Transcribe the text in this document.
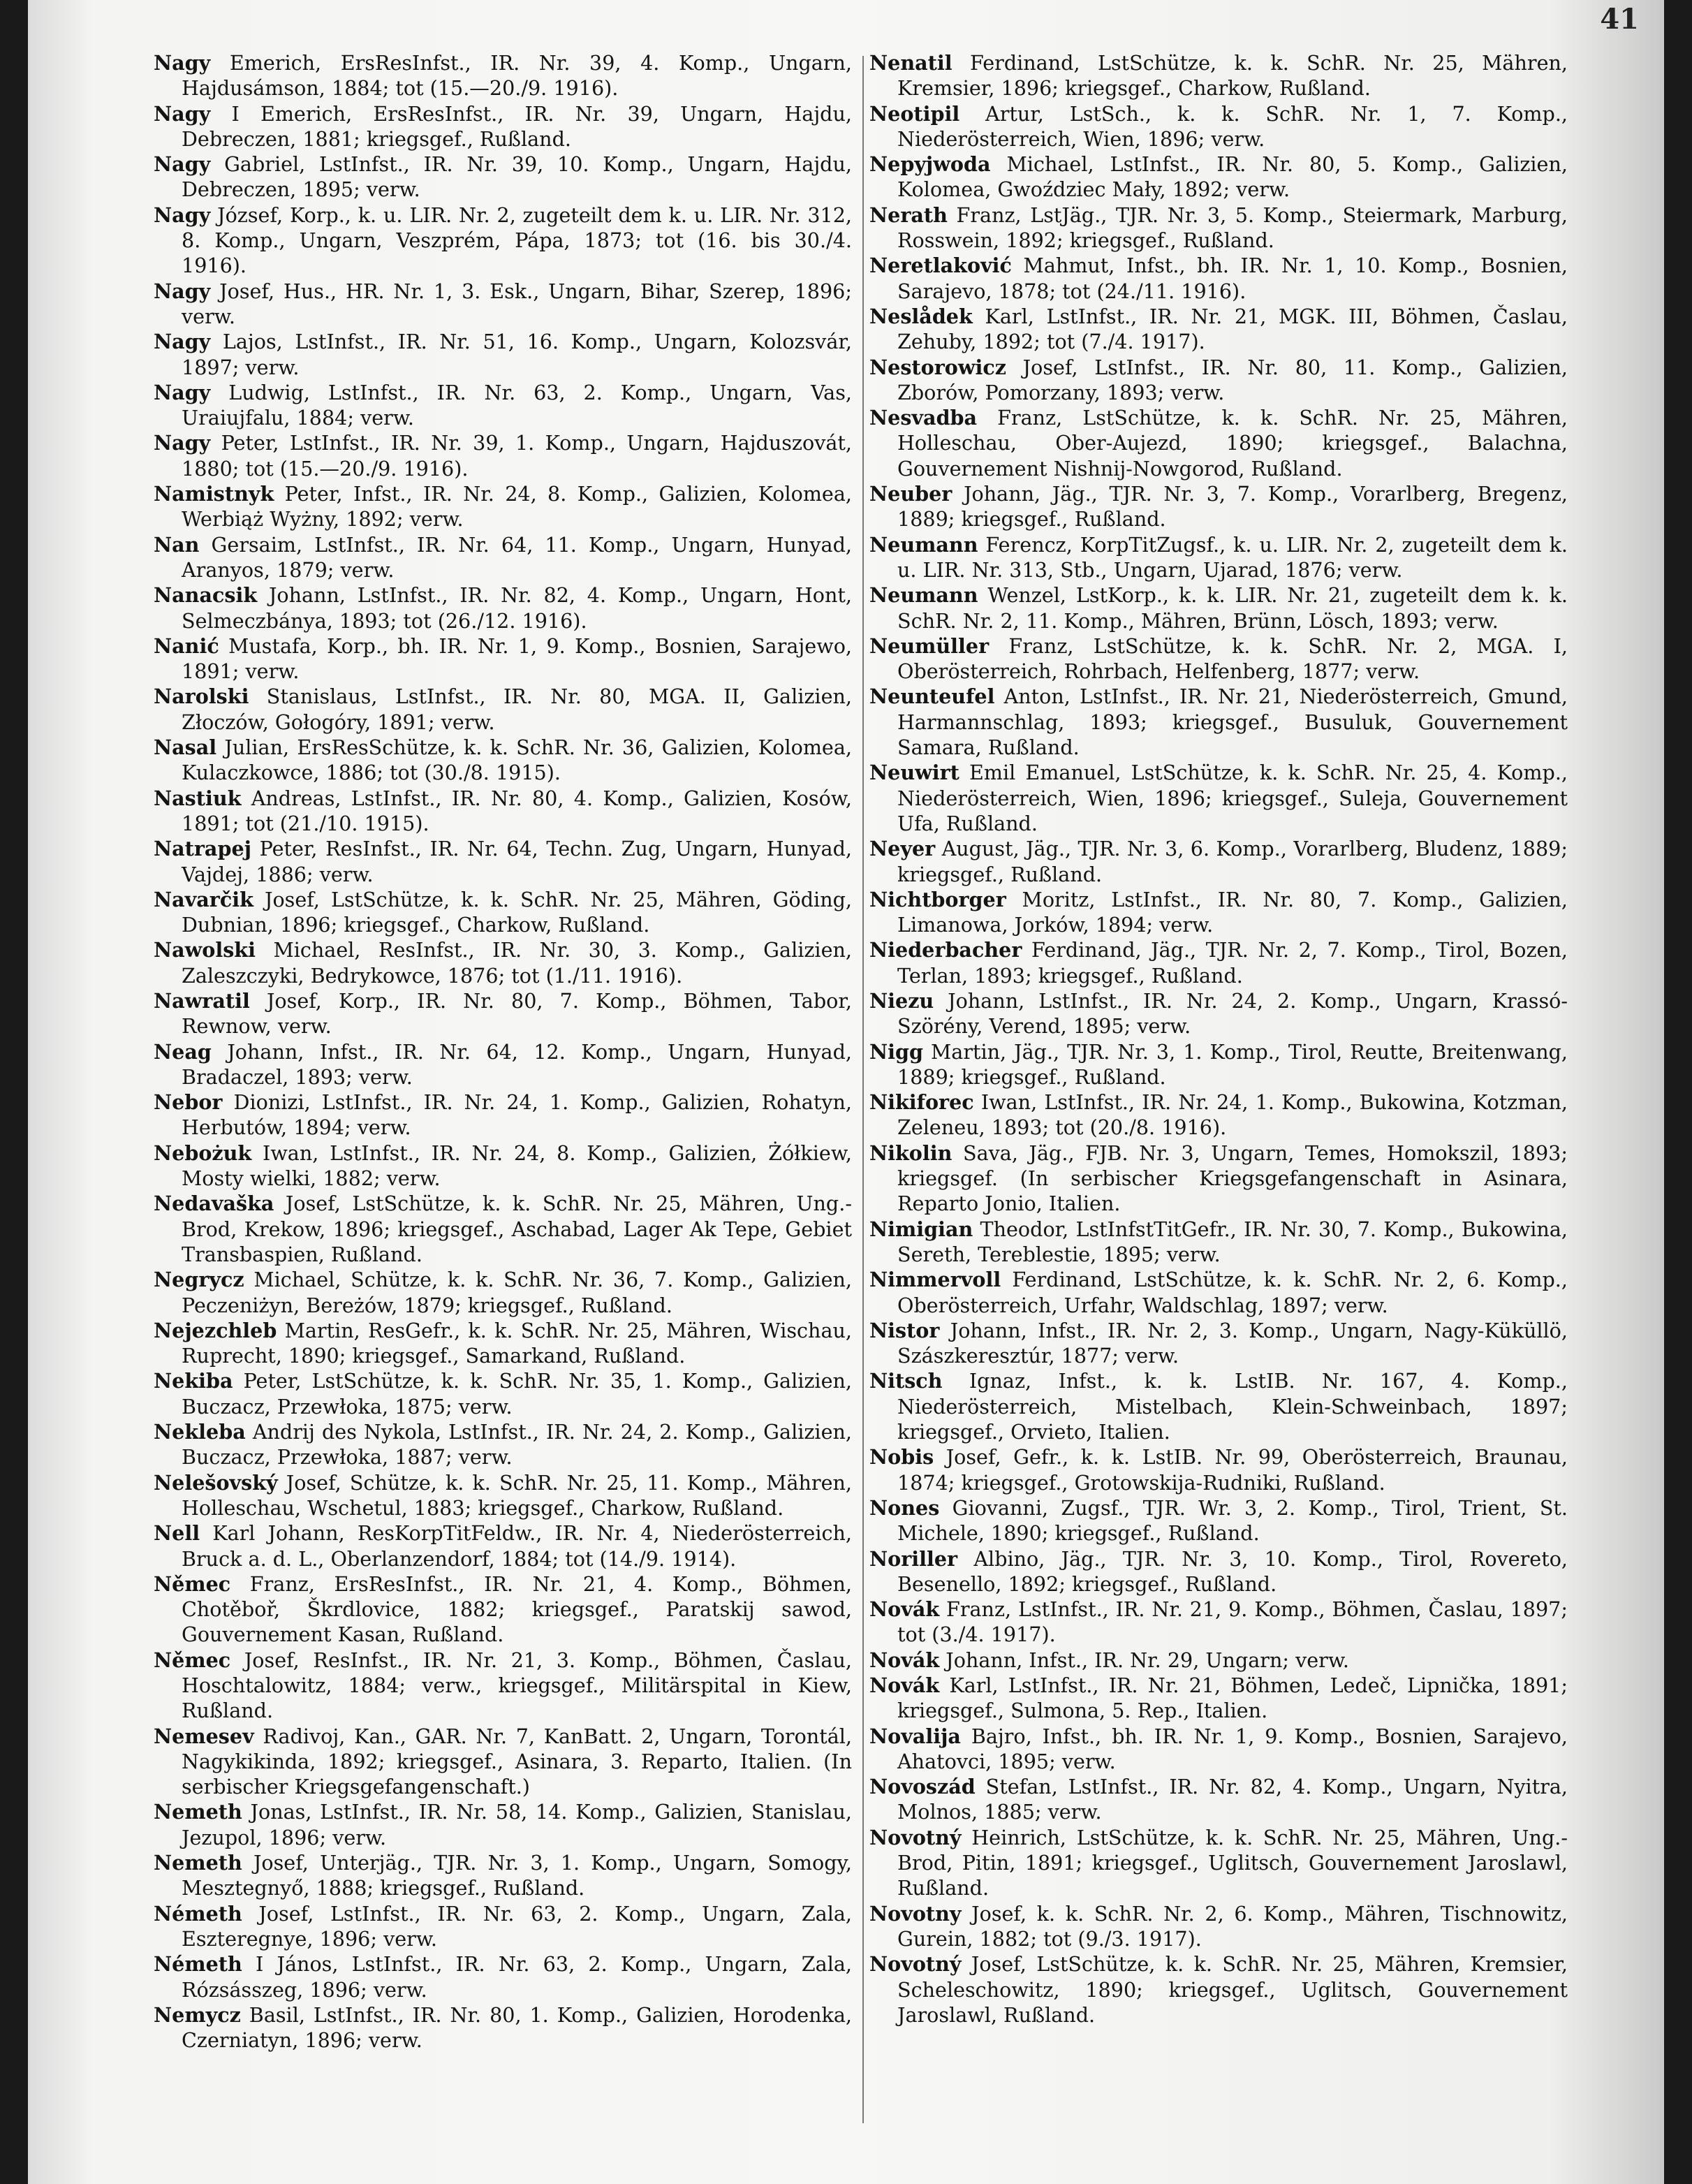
41

Nagy Emerich, ErsResInfst., IR. Nr. 39, 4. Komp., Ungarn, Hajdusámson, 1884; tot (15.—20./9. 1916).

Nagy I Emerich, ErsResInfst., IR. Nr. 39, Ungarn, Hajdu, Debreczen, 1881; kriegsgef., Rußland.

Nagy Gabriel, LstInfst., IR. Nr. 39, 10. Komp., Ungarn, Hajdu, Debreczen, 1895; verw.

Nagy József, Korp., k. u. LIR. Nr. 2, zugeteilt dem k. u. LIR. Nr. 312, 8. Komp., Ungarn, Veszprém, Pápa, 1873; tot (16. bis 30./4. 1916).

Nagy Josef, Hus., HR. Nr. 1, 3. Esk., Ungarn, Bihar, Szerep, 1896; verw.

Nagy Lajos, LstInfst., IR. Nr. 51, 16. Komp., Ungarn, Kolozsvár, 1897; verw.

Nagy Ludwig, LstInfst., IR. Nr. 63, 2. Komp., Ungarn, Vas, Uraiujfalu, 1884; verw.

Nagy Peter, LstInfst., IR. Nr. 39, 1. Komp., Ungarn, Hajduszovát, 1880; tot (15.—20./9. 1916).

Namistnyk Peter, Infst., IR. Nr. 24, 8. Komp., Galizien, Kolomea, Werbiąż Wyżny, 1892; verw.

Nan Gersaim, LstInfst., IR. Nr. 64, 11. Komp., Ungarn, Hunyad, Aranyos, 1879; verw.

Nanacsik Johann, LstInfst., IR. Nr. 82, 4. Komp., Ungarn, Hont, Selmeczbánya, 1893; tot (26./12. 1916).

Nanić Mustafa, Korp., bh. IR. Nr. 1, 9. Komp., Bosnien, Sarajewo, 1891; verw.

Narolski Stanislaus, LstInfst., IR. Nr. 80, MGA. II, Galizien, Złoczów, Gołogóry, 1891; verw.

Nasal Julian, ErsResSchütze, k. k. SchR. Nr. 36, Galizien, Kolomea, Kulaczkowce, 1886; tot (30./8. 1915).

Nastiuk Andreas, LstInfst., IR. Nr. 80, 4. Komp., Galizien, Kosów, 1891; tot (21./10. 1915).

Natrapej Peter, ResInfst., IR. Nr. 64, Techn. Zug, Ungarn, Hunyad, Vajdej, 1886; verw.

Navarčik Josef, LstSchütze, k. k. SchR. Nr. 25, Mähren, Göding, Dubnian, 1896; kriegsgef., Charkow, Rußland.

Nawolski Michael, ResInfst., IR. Nr. 30, 3. Komp., Galizien, Zaleszczyki, Bedrykowce, 1876; tot (1./11. 1916).

Nawratil Josef, Korp., IR. Nr. 80, 7. Komp., Böhmen, Tabor, Rewnow, verw.

Neag Johann, Infst., IR. Nr. 64, 12. Komp., Ungarn, Hunyad, Bradaczel, 1893; verw.

Nebor Dionizi, LstInfst., IR. Nr. 24, 1. Komp., Galizien, Rohatyn, Herbutów, 1894; verw.

Nebożuk Iwan, LstInfst., IR. Nr. 24, 8. Komp., Galizien, Żółkiew, Mosty wielki, 1882; verw.

Nedavaška Josef, LstSchütze, k. k. SchR. Nr. 25, Mähren, Ung.-Brod, Krekow, 1896; kriegsgef., Aschabad, Lager Ak Tepe, Gebiet Transbaspien, Rußland.

Negrycz Michael, Schütze, k. k. SchR. Nr. 36, 7. Komp., Galizien, Peczeniżyn, Bereżów, 1879; kriegsgef., Rußland.

Nejezchleb Martin, ResGefr., k. k. SchR. Nr. 25, Mähren, Wischau, Ruprecht, 1890; kriegsgef., Samarkand, Rußland.

Nekiba Peter, LstSchütze, k. k. SchR. Nr. 35, 1. Komp., Galizien, Buczacz, Przewłoka, 1875; verw.

Nekleba Andrij des Nykola, LstInfst., IR. Nr. 24, 2. Komp., Galizien, Buczacz, Przewłoka, 1887; verw.

Nelešovský Josef, Schütze, k. k. SchR. Nr. 25, 11. Komp., Mähren, Holleschau, Wschetul, 1883; kriegsgef., Charkow, Rußland.

Nell Karl Johann, ResKorpTitFeldw., IR. Nr. 4, Niederösterreich, Bruck a. d. L., Oberlanzendorf, 1884; tot (14./9. 1914).

Němec Franz, ErsResInfst., IR. Nr. 21, 4. Komp., Böhmen, Chotěboř, Škrdlovice, 1882; kriegsgef., Paratskij sawod, Gouvernement Kasan, Rußland.

Němec Josef, ResInfst., IR. Nr. 21, 3. Komp., Böhmen, Časlau, Hoschtalowitz, 1884; verw., kriegsgef., Militärspital in Kiew, Rußland.

Nemesev Radivoj, Kan., GAR. Nr. 7, KanBatt. 2, Ungarn, Torontál, Nagykikinda, 1892; kriegsgef., Asinara, 3. Reparto, Italien. (In serbischer Kriegsgefangenschaft.)

Nemeth Jonas, LstInfst., IR. Nr. 58, 14. Komp., Galizien, Stanislau, Jezupol, 1896; verw.

Nemeth Josef, Unterjäg., TJR. Nr. 3, 1. Komp., Ungarn, Somogy, Mesztegnyő, 1888; kriegsgef., Rußland.

Németh Josef, LstInfst., IR. Nr. 63, 2. Komp., Ungarn, Zala, Eszteregnye, 1896; verw.

Németh I János, LstInfst., IR. Nr. 63, 2. Komp., Ungarn, Zala, Rózsásszeg, 1896; verw.

Nemycz Basil, LstInfst., IR. Nr. 80, 1. Komp., Galizien, Horodenka, Czerniatyn, 1896; verw.

Nenatil Ferdinand, LstSchütze, k. k. SchR. Nr. 25, Mähren, Kremsier, 1896; kriegsgef., Charkow, Rußland.

Neotipil Artur, LstSch., k. k. SchR. Nr. 1, 7. Komp., Niederösterreich, Wien, 1896; verw.

Nepyjwoda Michael, LstInfst., IR. Nr. 80, 5. Komp., Galizien, Kolomea, Gwoździec Mały, 1892; verw.

Nerath Franz, LstJäg., TJR. Nr. 3, 5. Komp., Steiermark, Marburg, Rosswein, 1892; kriegsgef., Rußland.

Neretlaković Mahmut, Infst., bh. IR. Nr. 1, 10. Komp., Bosnien, Sarajevo, 1878; tot (24./11. 1916).

Neslådek Karl, LstInfst., IR. Nr. 21, MGK. III, Böhmen, Časlau, Zehuby, 1892; tot (7./4. 1917).

Nestorowicz Josef, LstInfst., IR. Nr. 80, 11. Komp., Galizien, Zborów, Pomorzany, 1893; verw.

Nesvadba Franz, LstSchütze, k. k. SchR. Nr. 25, Mähren, Holleschau, Ober-Aujezd, 1890; kriegsgef., Balachna, Gouvernement Nishnij-Nowgorod, Rußland.

Neuber Johann, Jäg., TJR. Nr. 3, 7. Komp., Vorarlberg, Bregenz, 1889; kriegsgef., Rußland.

Neumann Ferencz, KorpTitZugsf., k. u. LIR. Nr. 2, zugeteilt dem k. u. LIR. Nr. 313, Stb., Ungarn, Ujarad, 1876; verw.

Neumann Wenzel, LstKorp., k. k. LIR. Nr. 21, zugeteilt dem k. k. SchR. Nr. 2, 11. Komp., Mähren, Brünn, Lösch, 1893; verw.

Neumüller Franz, LstSchütze, k. k. SchR. Nr. 2, MGA. I, Oberösterreich, Rohrbach, Helfenberg, 1877; verw.

Neunteufel Anton, LstInfst., IR. Nr. 21, Niederösterreich, Gmund, Harmannschlag, 1893; kriegsgef., Busuluk, Gouvernement Samara, Rußland.

Neuwirt Emil Emanuel, LstSchütze, k. k. SchR. Nr. 25, 4. Komp., Niederösterreich, Wien, 1896; kriegsgef., Suleja, Gouvernement Ufa, Rußland.

Neyer August, Jäg., TJR. Nr. 3, 6. Komp., Vorarlberg, Bludenz, 1889; kriegsgef., Rußland.

Nichtborger Moritz, LstInfst., IR. Nr. 80, 7. Komp., Galizien, Limanowa, Jorków, 1894; verw.

Niederbacher Ferdinand, Jäg., TJR. Nr. 2, 7. Komp., Tirol, Bozen, Terlan, 1893; kriegsgef., Rußland.

Niezu Johann, LstInfst., IR. Nr. 24, 2. Komp., Ungarn, Krassó-Szörény, Verend, 1895; verw.

Nigg Martin, Jäg., TJR. Nr. 3, 1. Komp., Tirol, Reutte, Breitenwang, 1889; kriegsgef., Rußland.

Nikiforec Iwan, LstInfst., IR. Nr. 24, 1. Komp., Bukowina, Kotzman, Zeleneu, 1893; tot (20./8. 1916).

Nikolin Sava, Jäg., FJB. Nr. 3, Ungarn, Temes, Homokszil, 1893; kriegsgef. (In serbischer Kriegsgefangenschaft in Asinara, Reparto Jonio, Italien.

Nimigian Theodor, LstInfstTitGefr., IR. Nr. 30, 7. Komp., Bukowina, Sereth, Tereblestie, 1895; verw.

Nimmervoll Ferdinand, LstSchütze, k. k. SchR. Nr. 2, 6. Komp., Oberösterreich, Urfahr, Waldschlag, 1897; verw.

Nistor Johann, Infst., IR. Nr. 2, 3. Komp., Ungarn, Nagy-Küküllö, Szászkeresztúr, 1877; verw.

Nitsch Ignaz, Infst., k. k. LstIB. Nr. 167, 4. Komp., Niederösterreich, Mistelbach, Klein-Schweinbach, 1897; kriegsgef., Orvieto, Italien.

Nobis Josef, Gefr., k. k. LstIB. Nr. 99, Oberösterreich, Braunau, 1874; kriegsgef., Grotowskija-Rudniki, Rußland.

Nones Giovanni, Zugsf., TJR. Wr. 3, 2. Komp., Tirol, Trient, St. Michele, 1890; kriegsgef., Rußland.

Noriller Albino, Jäg., TJR. Nr. 3, 10. Komp., Tirol, Rovereto, Besenello, 1892; kriegsgef., Rußland.

Novák Franz, LstInfst., IR. Nr. 21, 9. Komp., Böhmen, Časlau, 1897; tot (3./4. 1917).

Novák Johann, Infst., IR. Nr. 29, Ungarn; verw.

Novák Karl, LstInfst., IR. Nr. 21, Böhmen, Ledeč, Lipnička, 1891; kriegsgef., Sulmona, 5. Rep., Italien.

Novalija Bajro, Infst., bh. IR. Nr. 1, 9. Komp., Bosnien, Sarajevo, Ahatovci, 1895; verw.

Novoszád Stefan, LstInfst., IR. Nr. 82, 4. Komp., Ungarn, Nyitra, Molnos, 1885; verw.

Novotný Heinrich, LstSchütze, k. k. SchR. Nr. 25, Mähren, Ung.-Brod, Pitin, 1891; kriegsgef., Uglitsch, Gouvernement Jaroslawl, Rußland.

Novotny Josef, k. k. SchR. Nr. 2, 6. Komp., Mähren, Tischnowitz, Gurein, 1882; tot (9./3. 1917).

Novotný Josef, LstSchütze, k. k. SchR. Nr. 25, Mähren, Kremsier, Scheleschowitz, 1890; kriegsgef., Uglitsch, Gouvernement Jaroslawl, Rußland.
